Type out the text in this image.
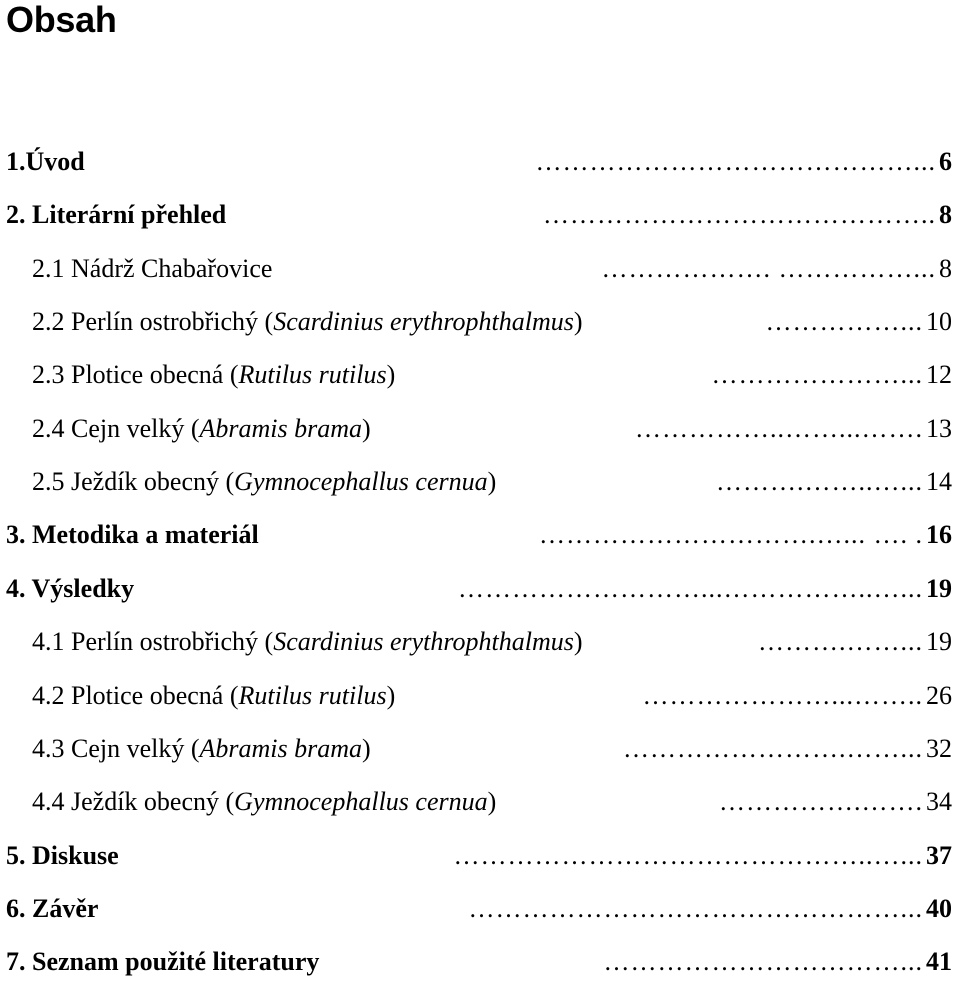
Obsah
……………………………………...
1.Úvod	6
……………………………………..
2. Literární přehled	8
………………. ……………...
2.1 Nádrž Chabařovice	8
……………...
2.2 Perlín ostrobřichý (Scardinius erythrophthalmus)	10
…………………...
2.3 Plotice obecná (Rutilus rutilus)	12
……………..……...…….
2.4 Cejn velký (Abramis brama)	13
……….……..…...
2.5 Ježdík obecný (Gymnocephallus cernua)	14
………………………….…... …. .
3. Metodika a materiál	16
………………………...……………..…...
4. Výsledky	19
……….……...
4.1 Perlín ostrobřichý (Scardinius erythrophthalmus)	19
…………………...……..
4.2 Plotice obecná (Rutilus rutilus)	26
…………………….……...
4.3 Cejn velký (Abramis brama)	32
…………….…….
4.4 Ježdík obecný (Gymnocephallus cernua)	34
………………………………………..…...
5. Diskuse	37
…………………………………………...
6. Závěr	40
……………………………...
7. Seznam použité literatury	41
